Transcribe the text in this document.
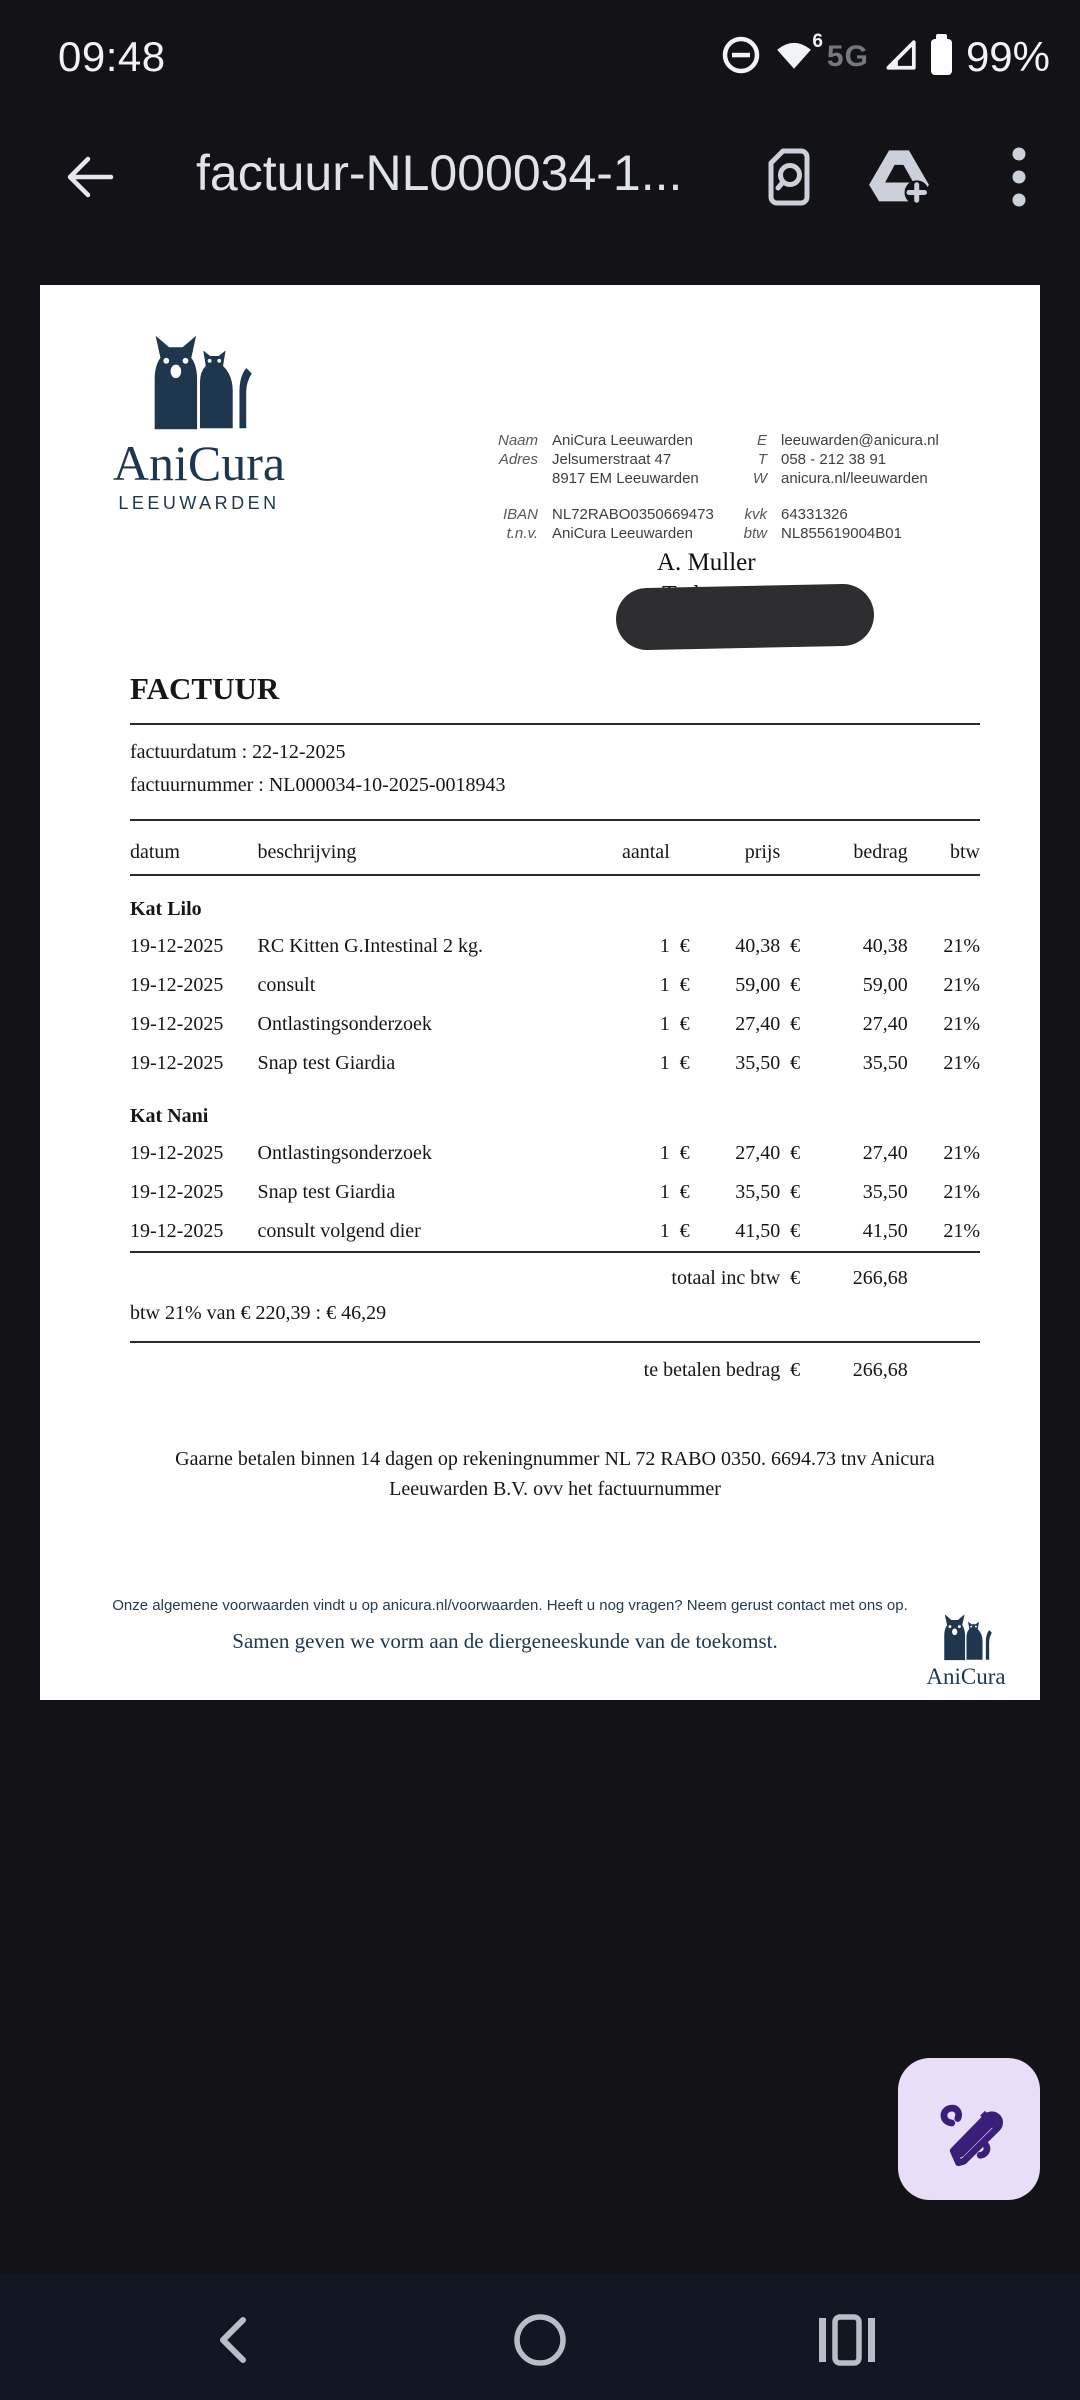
09:48	6 5G 99%
factuur-NL000034-1...
AniCura
LEEUWARDEN
Naam AniCura Leeuwarden	E leeuwarden@anicura.nl
Adres Jelsumerstraat 47	T 058 - 212 38 91
8917 EM Leeuwarden	W anicura.nl/leeuwarden
IBAN NL72RABO0350669473	kvk 64331326
t.n.v. AniCura Leeuwarden	btw NL855619004B01
A. Muller
FACTUUR

factuurdatum : 22-12-2025

factuurnummer : NL000034-10-2025-0018943

datum	beschrijving	aantal		prijs		bedrag	btw
Kat Lilo							
19-12-2025	RC Kitten G.Intestinal 2 kg.	1	€	40,38	€	40,38	21%
19-12-2025	consult	1	€	59,00	€	59,00	21%
19-12-2025	Ontlastingsonderzoek	1	€	27,40	€	27,40	21%
19-12-2025	Snap test Giardia	1	€	35,50	€	35,50	21%
Kat Nani							
19-12-2025	Ontlastingsonderzoek	1	€	27,40	€	27,40	21%
19-12-2025	Snap test Giardia	1	€	35,50	€	35,50	21%
19-12-2025	consult volgend dier	1	€	41,50	€	41,50	21%
totaal inc btw					€	266,68	
btw 21% van € 220,39 : € 46,29							
te betalen bedrag					€	266,68	
Gaarne betalen binnen 14 dagen op rekeningnummer NL 72 RABO 0350. 6694.73 tnv Anicura Leeuwarden B.V. ovv het factuurnummer
Onze algemene voorwaarden vindt u op anicura.nl/voorwaarden. Heeft u nog vragen? Neem gerust contact met ons op.
Samen geven we vorm aan de diergeneeskunde van de toekomst.
AniCura
